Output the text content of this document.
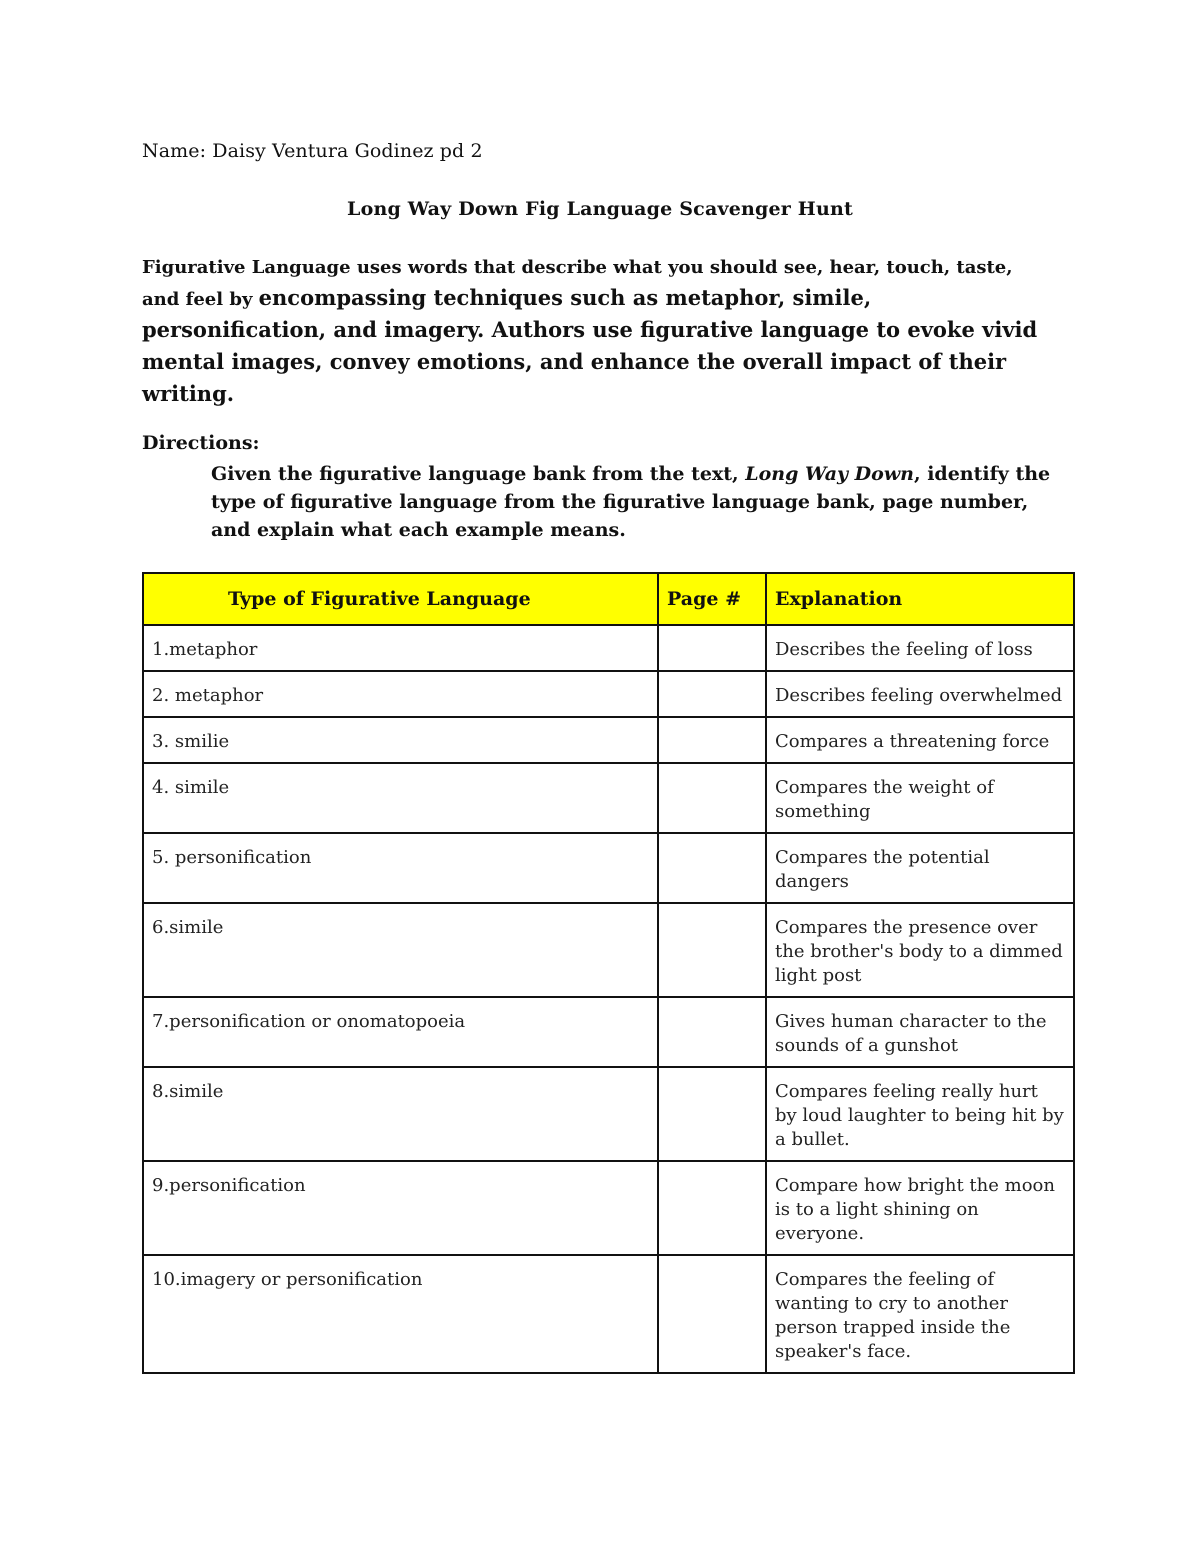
Name: Daisy Ventura Godinez pd 2
Long Way Down Fig Language Scavenger Hunt
Figurative Language uses words that describe what you should see, hear, touch, taste, and feel by encompassing techniques such as metaphor, simile, personification, and imagery. Authors use figurative language to evoke vivid mental images, convey emotions, and enhance the overall impact of their writing.
Directions:
Given the figurative language bank from the text, Long Way Down, identify the type of figurative language from the figurative language bank, page number, and explain what each example means.
Type of Figurative Language	Page #	Explanation
1.metaphor		Describes the feeling of loss
2. metaphor		Describes feeling overwhelmed
3. smilie		Compares a threatening force
4. simile		Compares the weight of something
5. personification		Compares the potential dangers
6.simile		Compares the presence over the brother's body to a dimmed light post
7.personification or onomatopoeia		Gives human character to the sounds of a gunshot
8.simile		Compares feeling really hurt by loud laughter to being hit by a bullet.
9.personification		Compare how bright the moon is to a light shining on everyone.
10.imagery or personification		Compares the feeling of wanting to cry to another person trapped inside the speaker's face.
